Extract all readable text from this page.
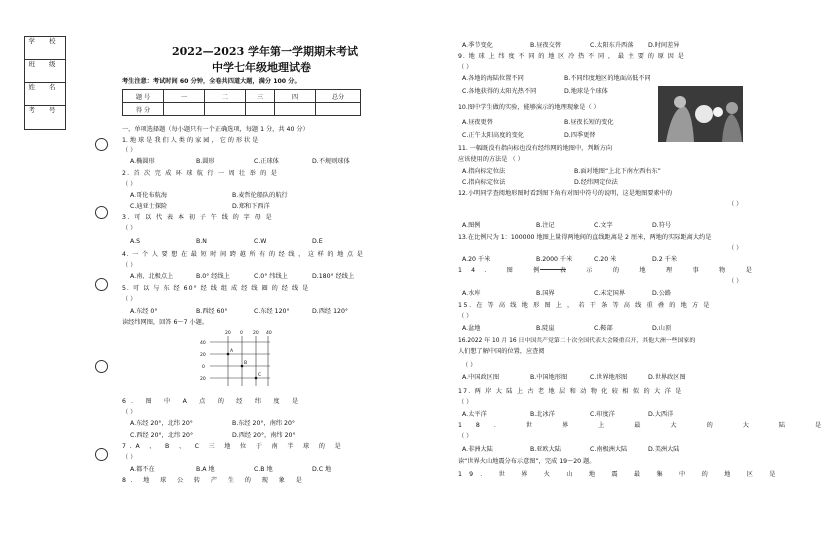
学 校
班 级
姓 名
考 号
2022—2023 学年第一学期期末考试
中学七年级地理试卷
考生注意：考试时间 60 分钟，全卷共四道大题，满分 100 分。
题 号	一	二	三	四	总分
得 分					
一、单项选择题（每小题只有一个正确选项，每题 1 分，共 40 分）
1. 地 球 是 我 们 人 类 的 家 园 ， 它 的 形 状 是
（ ）
A.椭圆形	B.圆形	C.正球体	D.不规则球体
2. 首 次 完 成 环 球 航 行 一 周 壮 举 的 是
（ ）
A.哥伦布航海	B.麦哲伦船队的航行
C.迪亚士探险	D.郑和下西洋
3. 可 以 代 表 本 初 子 午 线 的 字 母 是
（ ）
A.S	B.N	C.W	D.E
4. 一 个 人 要 想 在 最 短 时 间 跨 越 所 有 的 经 线 ， 这 样 的 地 点 是
（ ）
A.南、北极点上	B.0° 经线上	C.0° 纬线上	D.180° 经线上
5. 可 以 与 东 经 60° 经 线 组 成 经 线 圈 的 经 线 是
（ ）
A.东经 0°	B.西经 60°	C.东经 120°	D.西经 120°
读经纬网图，回答 6～7 小题。
20 0 20 40
40
20
0
20
A
B
C
6. 图 中 A 点 的 经 纬 度 是
（ ）
A.东经 20°，北纬 20°	B.东经 20°，南纬 20°
C.西经 20°，北纬 20°	D.西经 20°，南纬 20°
7.A 、 B 、 C 三 地 位 于 南 半 球 的 是
（ ）
A.都不在	B.A 地	C.B 地	D.C 地
8. 地 球 公 转 产 生 的 现 象 是
A.季节变化	B.昼夜交替	C.太阳东升西落 D.时间差异
9. 地 球 上 纬 度 不 同 的 地 区 冷 热 不 同 ， 最 主 要 的 原 因 是
（ ）
A.各地的海陆位置不同	B.不同纬度地区的地面高低不同
C.各地获得的太阳光热不同	D.地球是个球体
10.图中学生做的实验，能够演示的地理现象是（ ）
A.昼夜更替	B.昼夜长短的变化
C.正午太阳高度的变化	D.四季更替
11. 一幅既没有指向标也没有经纬网的地图中，判断方向
应该使用的方法是 （ ）
A.指向标定位法	B.面对地图“上北下南左西右东”
C.指向标定位法	D.经纬网定位法
12.小明同学查阅地形图时看到图下角有对图中符号的说明，这是地图要素中的
（ ）
A.图例	B.注记	C.文字	D.符号
13.在比例尺为 1：100000 地图上量得两地间的直线距离是 2 厘米，两地的实际距离大约是
（ ）
A.20 千米	B.2000 千米	C.20 米	D.2 千米
14. 图 例 表 示 的 地 理 事 物 是
（ ）
A.水库	B.国界	C.未定国界	D.公路
15. 在 等 高 线 地 形 图 上 ， 若 干 条 等 高 线 重 叠 的 地 方 是
（ ）
A.盆地	B.陡崖	C.鞍部	D.山顶
16.2022 年 10 月 16 日中国共产党第二十次全国代表大会隆重召开，其他大洲一些国家的
人们想了解中国的位置，应查阅
（ ）
A.中国政区图	B.中国地形图	C.世界地形图	D.世界政区图
17. 两 岸 大 陆 上 古 老 地 层 和 动 物 化 较 相 似 的 大 洋 是
（ ）
A.太平洋	B.北冰洋	C.印度洋	D.大西洋
18. 世 界 上 最 大 的 大 陆 是
（ ）
A.非洲大陆	B.亚欧大陆	C.南极洲大陆	D.美洲大陆
读“世界火山地震分布示意图”，完成 19～20 题。
19. 世 界 火 山 地 震 最 集 中 的 地 区 是
